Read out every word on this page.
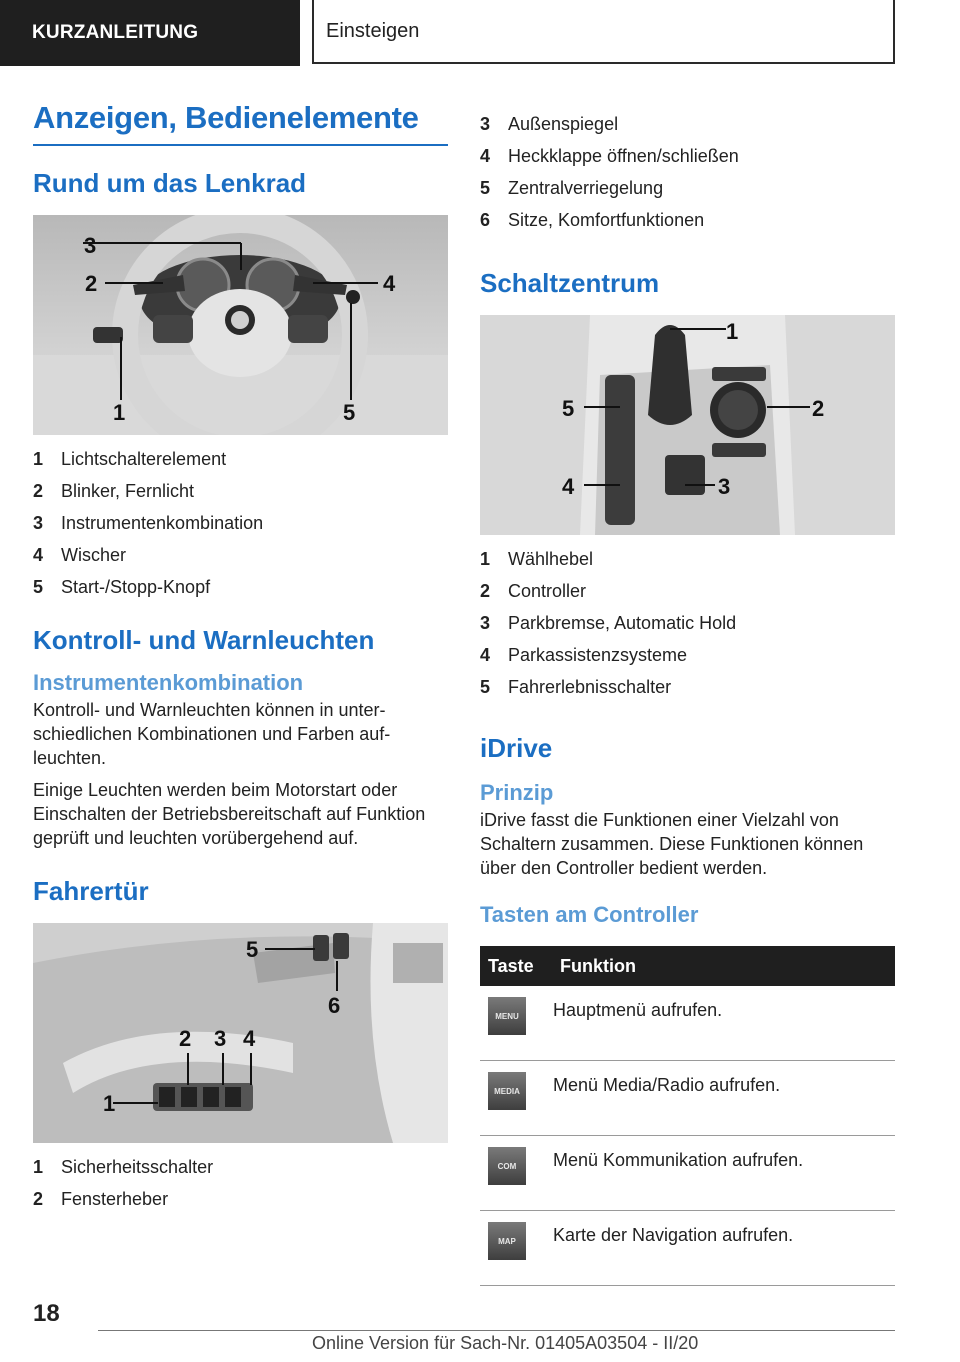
KURZANLEITUNG	Einsteigen
Anzeigen, Bedienelemente
Rund um das Lenkrad
3
2	4
1	5
1 Lichtschalterelement
2 Blinker, Fernlicht
3 Instrumentenkombination
4 Wischer
5 Start-/Stopp-Knopf
Kontroll- und Warnleuchten
Instrumentenkombination

Kontroll- und Warnleuchten können in unterschiedlichen Kombinationen und Farben aufleuchten.

Einige Leuchten werden beim Motorstart oder Einschalten der Betriebsbereitschaft auf Funktion geprüft und leuchten vorübergehend auf.

Fahrertür
5
6
2 3 4
1
1 Sicherheitsschalter
2 Fensterheber
3 Außenspiegel
4 Heckklappe öffnen/schließen
5 Zentralverriegelung
6 Sitze, Komfortfunktionen
Schaltzentrum
1
5	2
4	3
1 Wählhebel
2 Controller
3 Parkbremse, Automatic Hold
4 Parkassistenzsysteme
5 Fahrerlebnisschalter
iDrive
Prinzip

iDrive fasst die Funktionen einer Vielzahl von Schaltern zusammen. Diese Funktionen können über den Controller bedient werden.

Tasten am Controller
Taste	Funktion

MENU	Hauptmenü aufrufen.

MEDIA	Menü Media/Radio aufrufen.

COM	Menü Kommunikation aufrufen.

MAP	Karte der Navigation aufrufen.
18
Online Version für Sach-Nr. 01405A03504 - II/20
